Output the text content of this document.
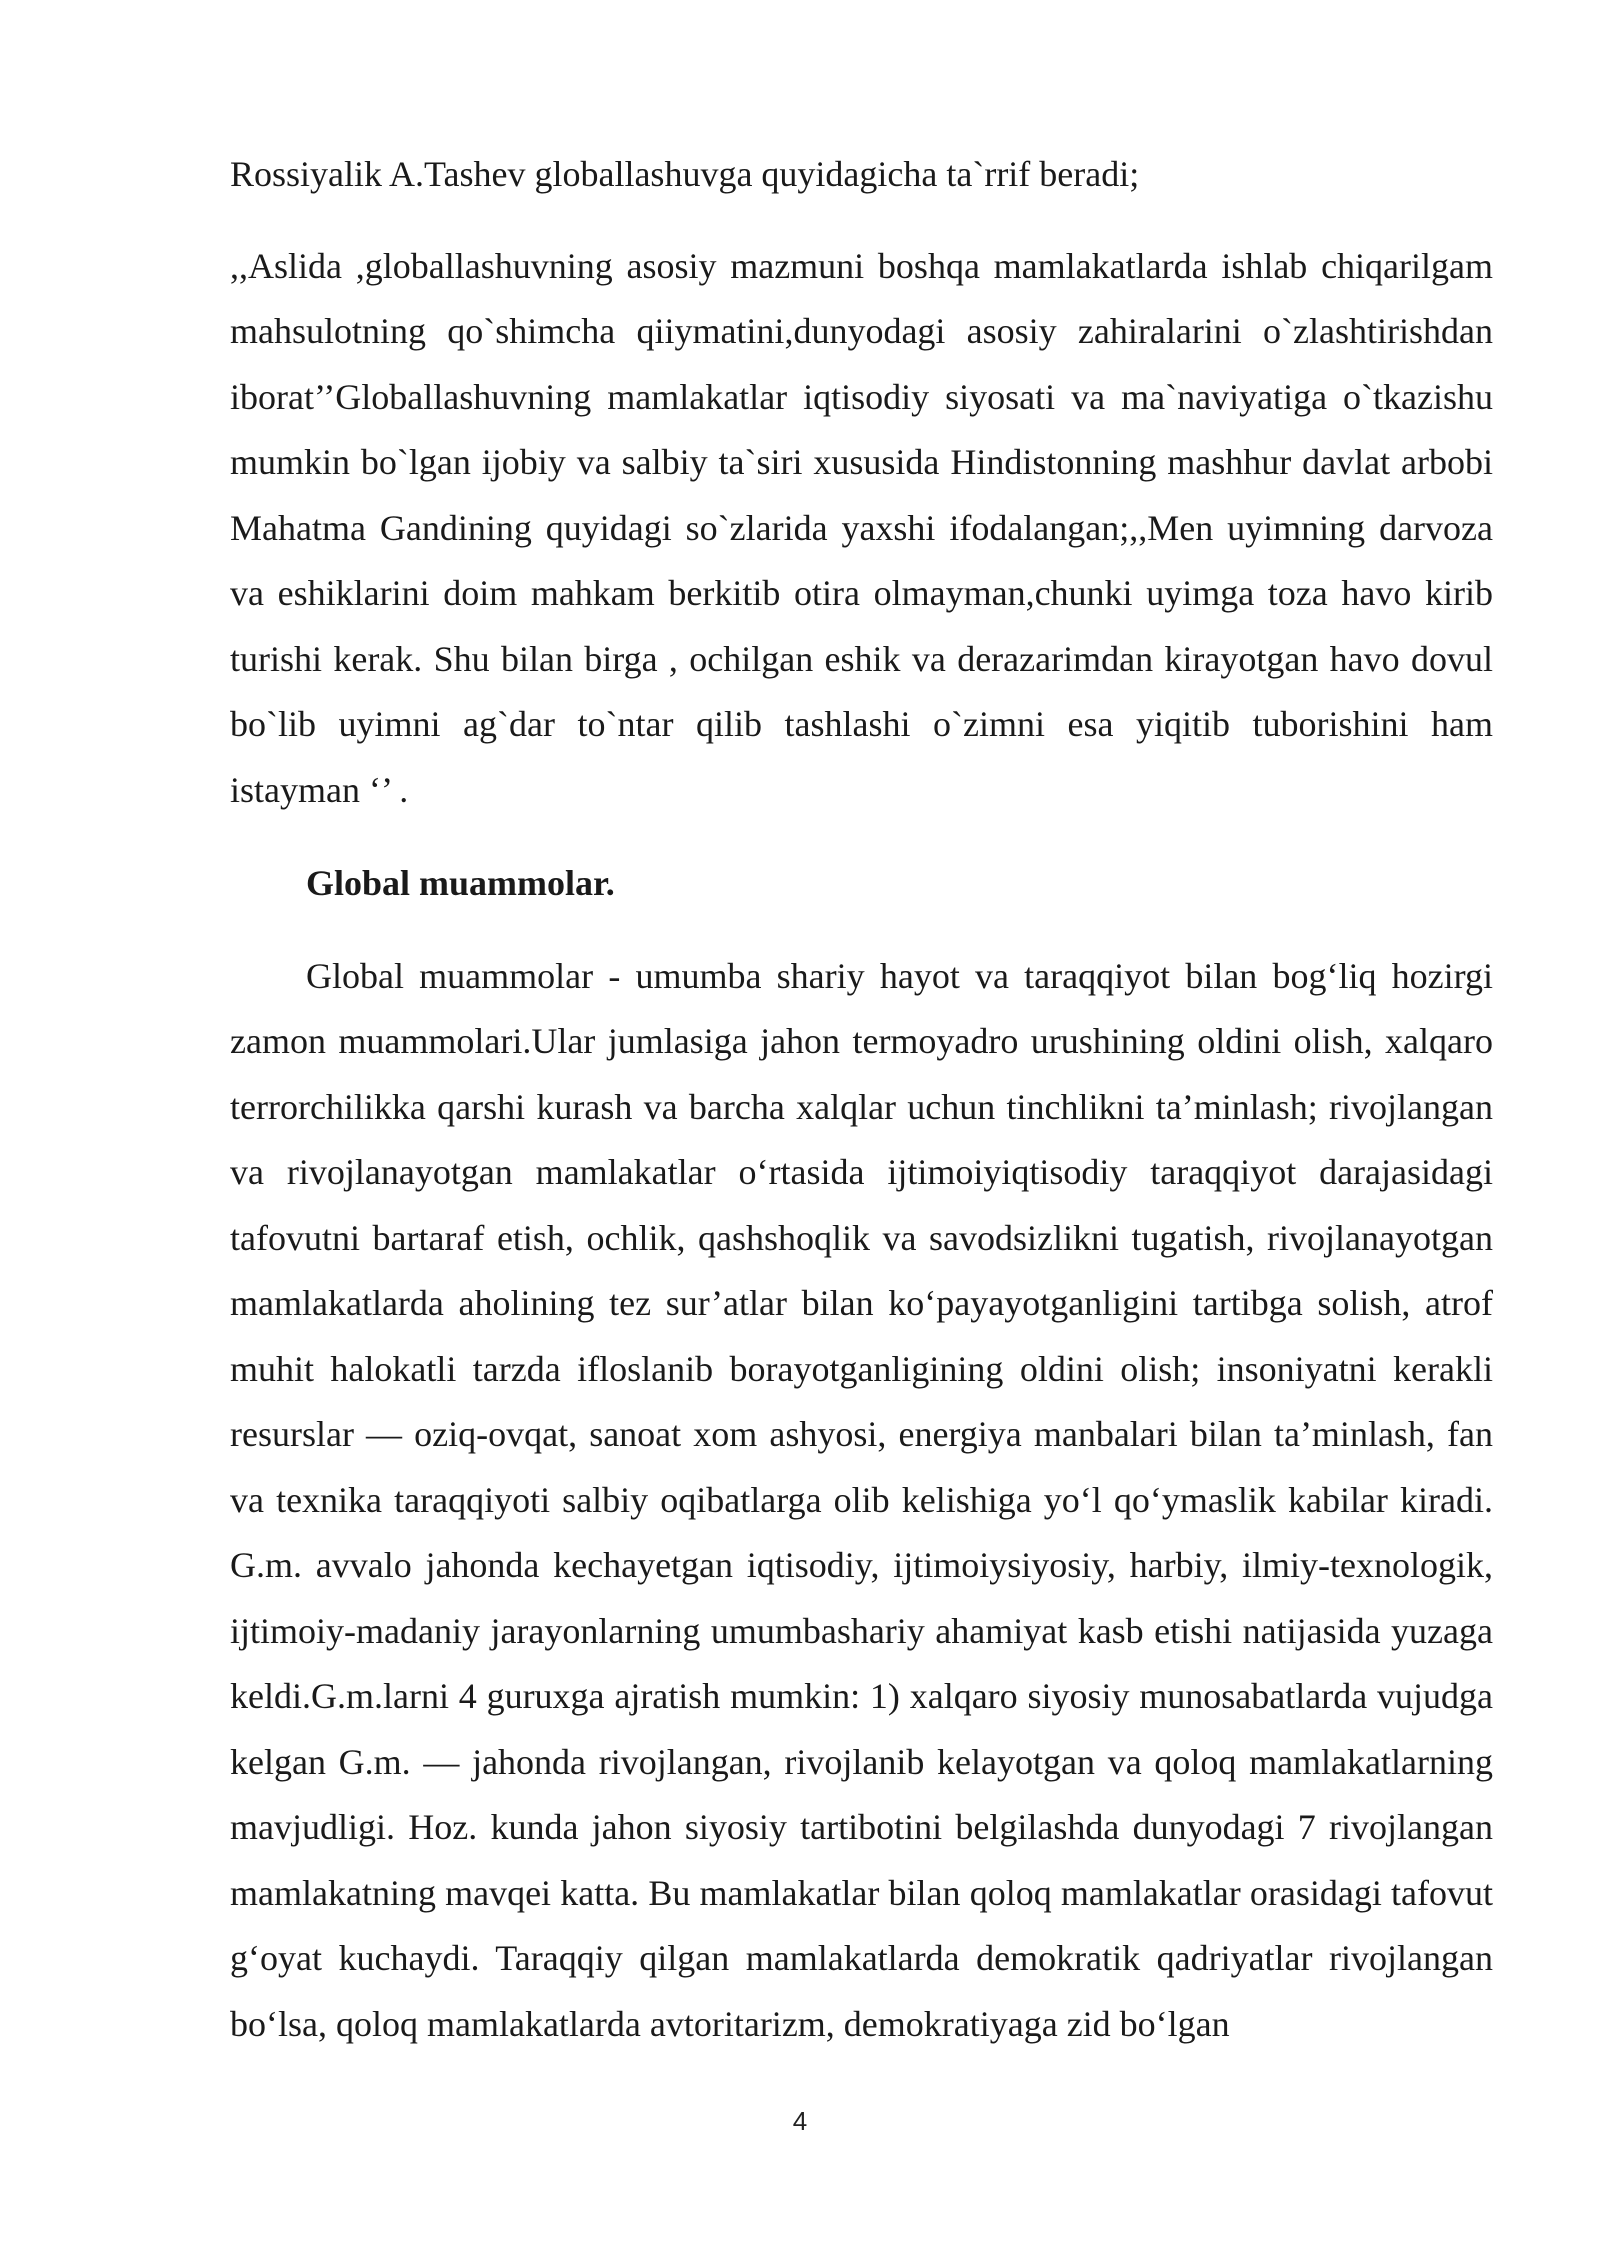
Rossiyalik A.Tashev globallashuvga quyidagicha ta`rrif beradi;

,,Aslida ,globallashuvning asosiy mazmuni boshqa mamlakatlarda ishlab chiqarilgam mahsulotning qo`shimcha qiiymatini,dunyodagi asosiy zahiralarini o`zlashtirishdan iborat’’Globallashuvning mamlakatlar iqtisodiy siyosati va ma`naviyatiga o`tkazishu mumkin bo`lgan ijobiy va salbiy ta`siri xususida Hindistonning mashhur davlat arbobi Mahatma Gandining quyidagi so`zlarida yaxshi ifodalangan;,,Men uyimning darvoza va eshiklarini doim mahkam berkitib otira olmayman,chunki uyimga toza havo kirib turishi kerak. Shu bilan birga , ochilgan eshik va derazarimdan kirayotgan havo dovul bo`lib uyimni ag`dar to`ntar qilib tashlashi o`zimni esa yiqitib tuborishini ham istayman ‘’ .

Global muammolar.

Global muammolar - umumba shariy hayot va taraqqiyot bilan bog‘liq hozirgi zamon muammolari.Ular jumlasiga jahon termoyadro urushining oldini olish, xalqaro terrorchilikka qarshi kurash va barcha xalqlar uchun tinchlikni ta’minlash; rivojlangan va rivojlanayotgan mamlakatlar o‘rtasida ijtimoiyiqtisodiy taraqqiyot darajasidagi tafovutni bartaraf etish, ochlik, qashshoqlik va savodsizlikni tugatish, rivojlanayotgan mamlakatlarda aholining tez sur’atlar bilan ko‘payayotganligini tartibga solish, atrof muhit halokatli tarzda ifloslanib borayotganligining oldini olish; insoniyatni kerakli resurslar — oziq-ovqat, sanoat xom ashyosi, energiya manbalari bilan ta’minlash, fan va texnika taraqqiyoti salbiy oqibatlarga olib kelishiga yo‘l qo‘ymaslik kabilar kiradi. G.m. avvalo jahonda kechayetgan iqtisodiy, ijtimoiysiyosiy, harbiy, ilmiy-texnologik, ijtimoiy-madaniy jarayonlarning umumbashariy ahamiyat kasb etishi natijasida yuzaga keldi.G.m.larni 4 guruxga ajratish mumkin: 1) xalqaro siyosiy munosabatlarda vujudga kelgan G.m. — jahonda rivojlangan, rivojlanib kelayotgan va qoloq mamlakatlarning mavjudligi. Hoz. kunda jahon siyosiy tartibotini belgilashda dunyodagi 7 rivojlangan mamlakatning mavqei katta. Bu mamlakatlar bilan qoloq mamlakatlar orasidagi tafovut g‘oyat kuchaydi. Taraqqiy qilgan mamlakatlarda demokratik qadriyatlar rivojlangan bo‘lsa, qoloq mamlakatlarda avtoritarizm, demokratiyaga zid bo‘lgan

4
